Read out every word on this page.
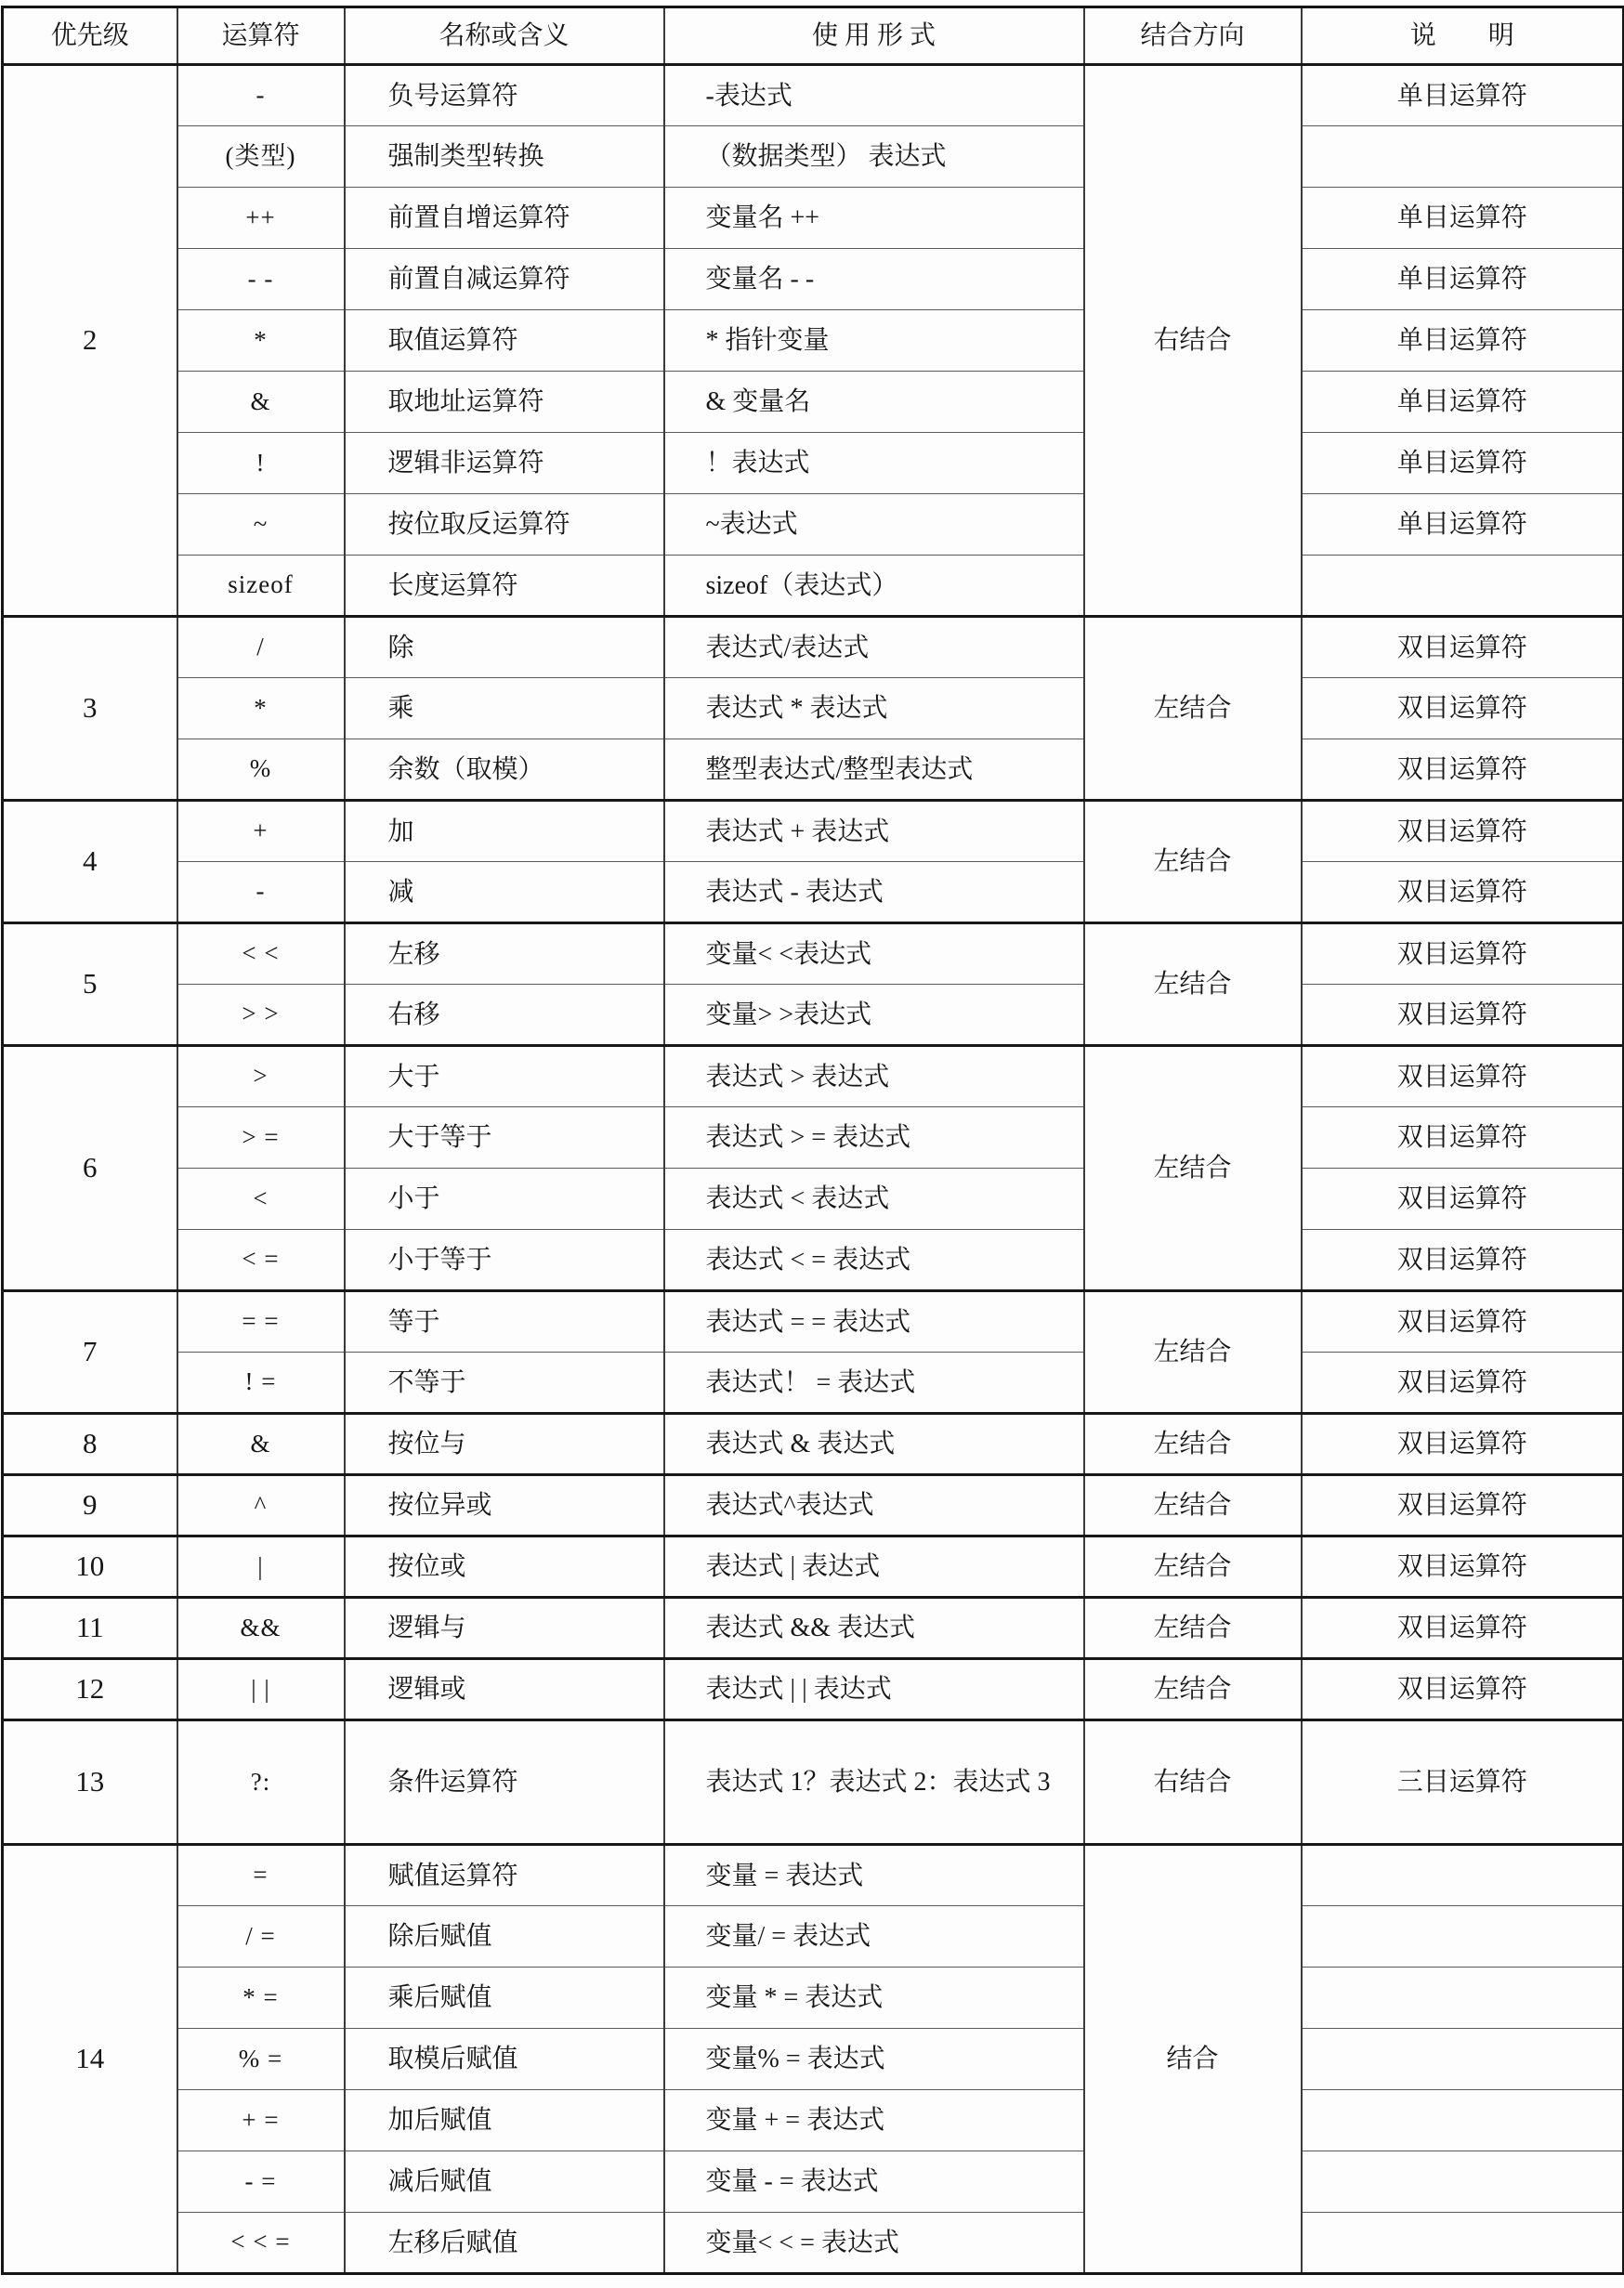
优先级	运算符	名称或含义	使 用 形 式	结合方向	说　　明
2	-	负号运算符	-表达式	右结合	单目运算符
	(类型)	强制类型转换	（数据类型） 表达式		
	++	前置自增运算符	变量名 ++		单目运算符
	- -	前置自减运算符	变量名 - -		单目运算符
	*	取值运算符	* 指针变量		单目运算符
	&	取地址运算符	& 变量名		单目运算符
	!	逻辑非运算符	！表达式		单目运算符
	~	按位取反运算符	~表达式		单目运算符
	sizeof	长度运算符	sizeof（表达式）		
3	/	除	表达式/表达式	左结合	双目运算符
	*	乘	表达式 * 表达式		双目运算符
	%	余数（取模）	整型表达式/整型表达式		双目运算符
4	+	加	表达式 + 表达式	左结合	双目运算符
	-	减	表达式 - 表达式		双目运算符
5	< <	左移	变量< <表达式	左结合	双目运算符
	> >	右移	变量> >表达式		双目运算符
6	>	大于	表达式 > 表达式	左结合	双目运算符
	> =	大于等于	表达式 > = 表达式		双目运算符
	<	小于	表达式 < 表达式		双目运算符
	< =	小于等于	表达式 < = 表达式		双目运算符
7	= =	等于	表达式 = = 表达式	左结合	双目运算符
	! =	不等于	表达式！ = 表达式		双目运算符
8	&	按位与	表达式 & 表达式	左结合	双目运算符
9	^	按位异或	表达式^表达式	左结合	双目运算符
10	|	按位或	表达式 | 表达式	左结合	双目运算符
11	&&	逻辑与	表达式 && 表达式	左结合	双目运算符
12	| |	逻辑或	表达式 | | 表达式	左结合	双目运算符
13	?:	条件运算符	表达式 1？表达式 2：表达式 3	右结合	三目运算符
14	=	赋值运算符	变量 = 表达式	结合	
	/ =	除后赋值	变量/ = 表达式		
	* =	乘后赋值	变量 * = 表达式		
	% =	取模后赋值	变量% = 表达式		
	+ =	加后赋值	变量 + = 表达式		
	- =	减后赋值	变量 - = 表达式		
	< < =	左移后赋值	变量< < = 表达式		
